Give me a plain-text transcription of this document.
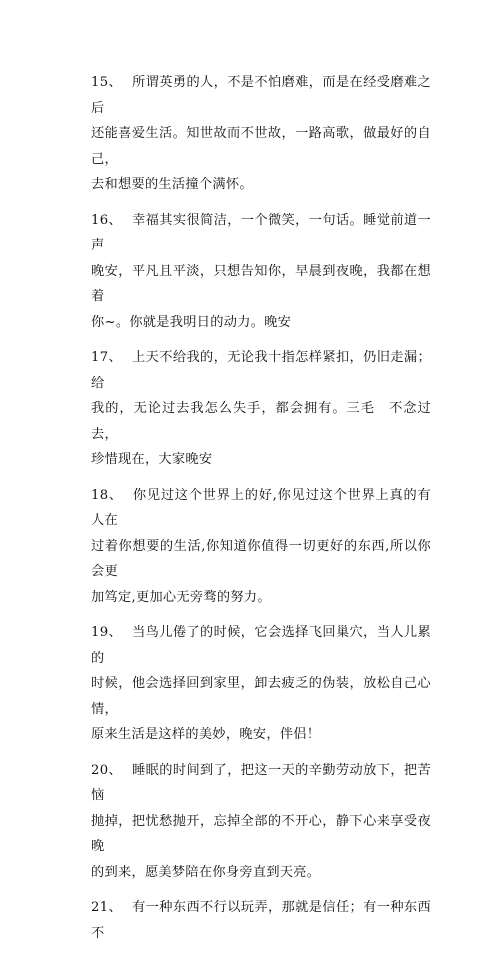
15、 所谓英勇的人，不是不怕磨难，而是在经受磨难之后
还能喜爱生活。知世故而不世故，一路高歌，做最好的自己，
去和想要的生活撞个满怀。

16、 幸福其实很简洁，一个微笑，一句话。睡觉前道一声
晚安，平凡且平淡，只想告知你，早晨到夜晚，我都在想着
你~。你就是我明日的动力。晚安

17、 上天不给我的，无论我十指怎样紧扣，仍旧走漏；给
我的，无论过去我怎么失手，都会拥有。三毛　不念过去，
珍惜现在，大家晚安

18、 你见过这个世界上的好,你见过这个世界上真的有人在
过着你想要的生活,你知道你值得一切更好的东西,所以你会更
加笃定,更加心无旁骛的努力。

19、 当鸟儿倦了的时候，它会选择飞回巢穴，当人儿累的
时候，他会选择回到家里，卸去疲乏的伪装，放松自己心情，
原来生活是这样的美妙，晚安，伴侣！

20、 睡眠的时间到了，把这一天的辛勤劳动放下，把苦恼
抛掉，把忧愁抛开，忘掉全部的不开心，静下心来享受夜晚
的到来，愿美梦陪在你身旁直到天亮。

21、 有一种东西不行以玩弄，那就是信任；有一种东西不
